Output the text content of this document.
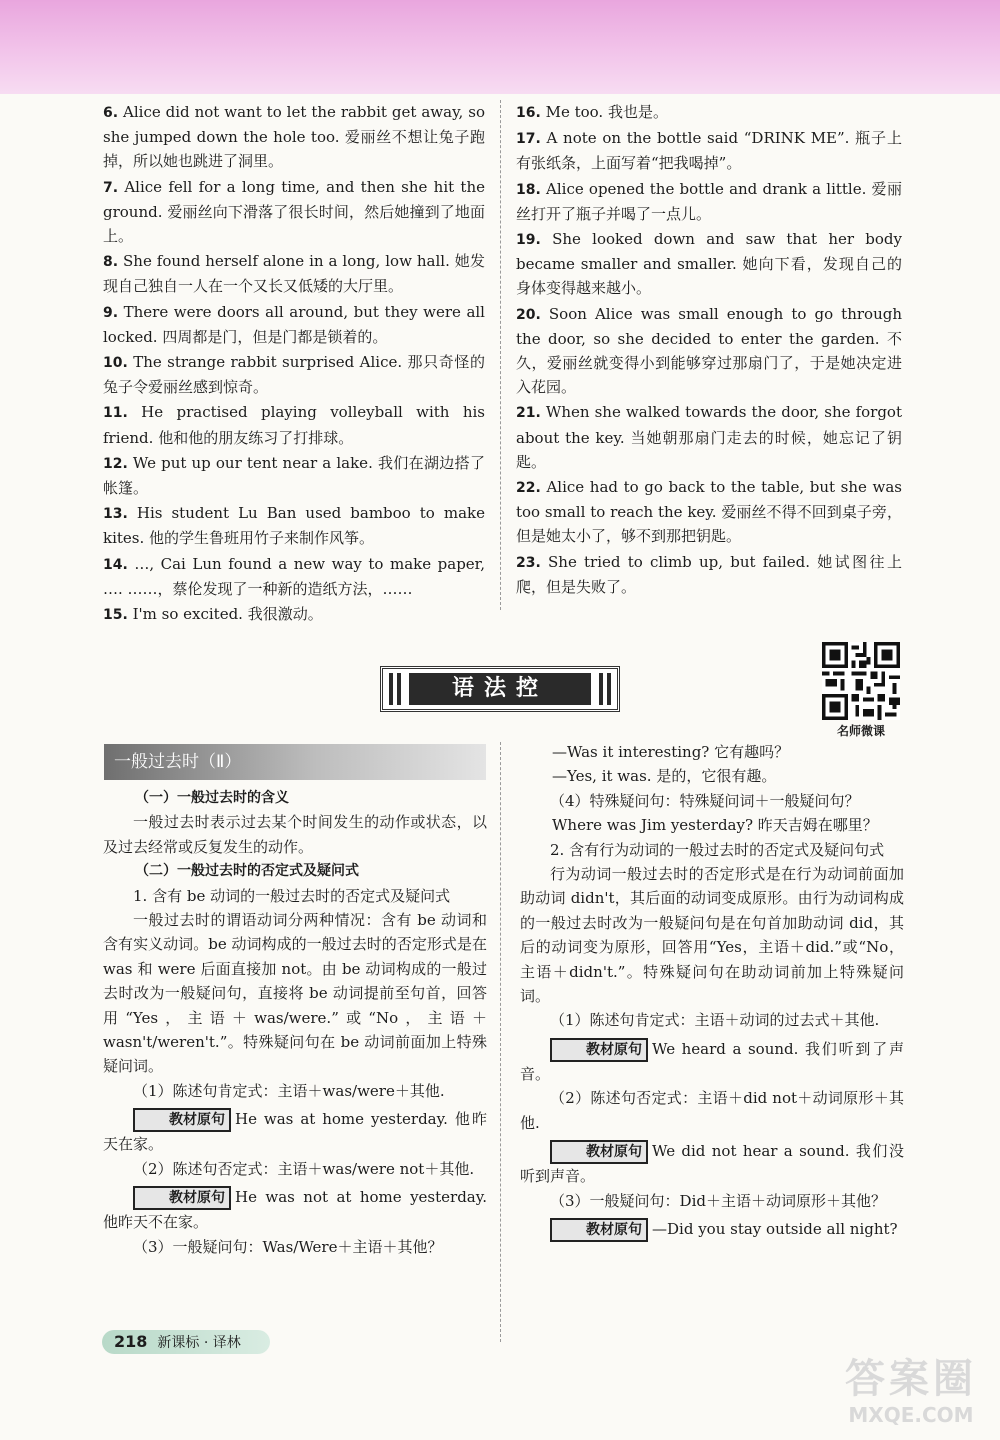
6. Alice did not want to let the rabbit get away, so she jumped down the hole too. 爱丽丝不想让兔子跑掉，所以她也跳进了洞里。

7. Alice fell for a long time, and then she hit the ground. 爱丽丝向下滑落了很长时间，然后她撞到了地面上。

8. She found herself alone in a long, low hall. 她发现自己独自一人在一个又长又低矮的大厅里。

9. There were doors all around, but they were all locked. 四周都是门，但是门都是锁着的。

10. The strange rabbit surprised Alice. 那只奇怪的兔子令爱丽丝感到惊奇。

11. He practised playing volleyball with his friend. 他和他的朋友练习了打排球。

12. We put up our tent near a lake. 我们在湖边搭了帐篷。

13. His student Lu Ban used bamboo to make kites. 他的学生鲁班用竹子来制作风筝。

14. …, Cai Lun found a new way to make paper, …. ……，蔡伦发现了一种新的造纸方法，……

15. I'm so excited. 我很激动。

16. Me too. 我也是。

17. A note on the bottle said “DRINK ME”. 瓶子上有张纸条，上面写着“把我喝掉”。

18. Alice opened the bottle and drank a little. 爱丽丝打开了瓶子并喝了一点儿。

19. She looked down and saw that her body became smaller and smaller. 她向下看，发现自己的身体变得越来越小。

20. Soon Alice was small enough to go through the door, so she decided to enter the garden. 不久，爱丽丝就变得小到能够穿过那扇门了，于是她决定进入花园。

21. When she walked towards the door, she forgot about the key. 当她朝那扇门走去的时候，她忘记了钥匙。

22. Alice had to go back to the table, but she was too small to reach the key. 爱丽丝不得不回到桌子旁，但是她太小了，够不到那把钥匙。

23. She tried to climb up, but failed. 她试图往上爬，但是失败了。

语法控
名师微课
一般过去时（Ⅱ）

（一）一般过去时的含义

一般过去时表示过去某个时间发生的动作或状态，以及过去经常或反复发生的动作。

（二）一般过去时的否定式及疑问式

1. 含有 be 动词的一般过去时的否定式及疑问式

一般过去时的谓语动词分两种情况：含有 be 动词和含有实义动词。be 动词构成的一般过去时的否定形式是在 was 和 were 后面直接加 not。由 be 动词构成的一般过去时改为一般疑问句，直接将 be 动词提前至句首，回答用“Yes，主语＋was/were.”或“No，主语＋wasn't/weren't.”。特殊疑问句在 be 动词前面加上特殊疑问词。

（1）陈述句肯定式：主语＋was/were＋其他.

教材原句 He was at home yesterday. 他昨天在家。

（2）陈述句否定式：主语＋was/were not＋其他.

教材原句 He was not at home yesterday. 他昨天不在家。

（3）一般疑问句：Was/Were＋主语＋其他？

—Was it interesting? 它有趣吗？

—Yes, it was. 是的，它很有趣。

（4）特殊疑问句：特殊疑问词＋一般疑问句？

Where was Jim yesterday? 昨天吉姆在哪里？

2. 含有行为动词的一般过去时的否定式及疑问句式

行为动词一般过去时的否定形式是在行为动词前面加助动词 didn't，其后面的动词变成原形。由行为动词构成的一般过去时改为一般疑问句是在句首加助动词 did，其后的动词变为原形，回答用“Yes，主语＋did.”或“No，主语＋didn't.”。特殊疑问句在助动词前加上特殊疑问词。

（1）陈述句肯定式：主语＋动词的过去式＋其他.

教材原句 We heard a sound. 我们听到了声音。

（2）陈述句否定式：主语＋did not＋动词原形＋其他.

教材原句 We did not hear a sound. 我们没听到声音。

（3）一般疑问句：Did＋主语＋动词原形＋其他？

教材原句 —Did you stay outside all night?

218 新课标 · 译林
答案圈
MXQE.COM
